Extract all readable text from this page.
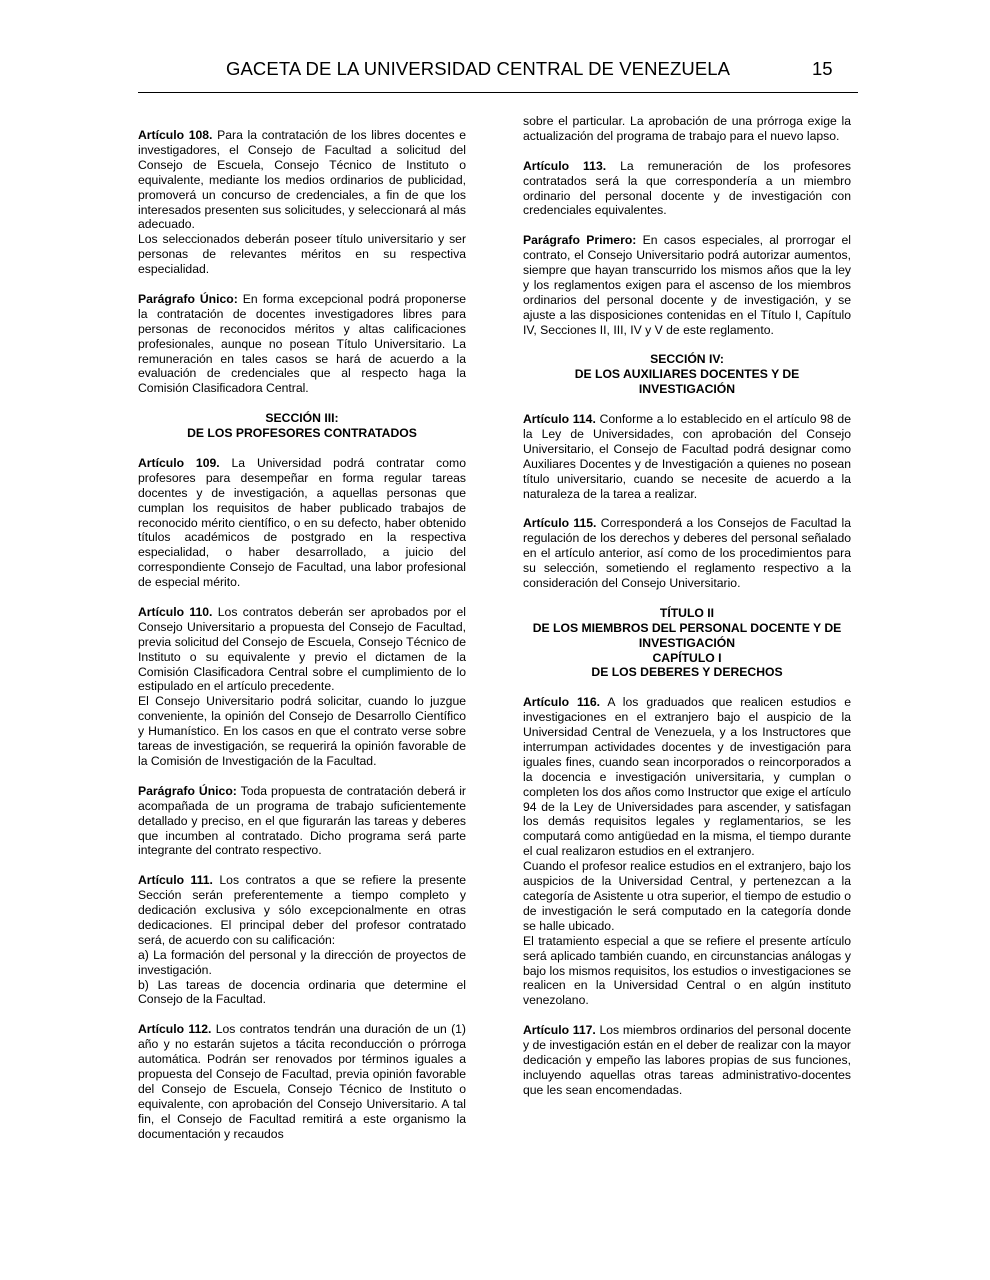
GACETA DE LA UNIVERSIDAD CENTRAL DE VENEZUELA	15

Artículo 108. Para la contratación de los libres docentes e investigadores, el Consejo de Facultad a solicitud del Consejo de Escuela, Consejo Técnico de Instituto o equivalente, mediante los medios ordinarios de publicidad, promoverá un concurso de credenciales, a fin de que los interesados presenten sus solicitudes, y seleccionará al más adecuado.

Los seleccionados deberán poseer título universitario y ser personas de relevantes méritos en su respectiva especialidad.

Parágrafo Único: En forma excepcional podrá proponerse la contratación de docentes investigadores libres para personas de reconocidos méritos y altas calificaciones profesionales, aunque no posean Título Universitario. La remuneración en tales casos se hará de acuerdo a la evaluación de credenciales que al respecto haga la Comisión Clasificadora Central.

SECCIÓN III:
DE LOS PROFESORES CONTRATADOS

Artículo 109. La Universidad podrá contratar como profesores para desempeñar en forma regular tareas docentes y de investigación, a aquellas personas que cumplan los requisitos de haber publicado trabajos de reconocido mérito científico, o en su defecto, haber obtenido títulos académicos de postgrado en la respectiva especialidad, o haber desarrollado, a juicio del correspondiente Consejo de Facultad, una labor profesional de especial mérito.

Artículo 110. Los contratos deberán ser aprobados por el Consejo Universitario a propuesta del Consejo de Facultad, previa solicitud del Consejo de Escuela, Consejo Técnico de Instituto o su equivalente y previo el dictamen de la Comisión Clasificadora Central sobre el cumplimiento de lo estipulado en el artículo precedente.

El Consejo Universitario podrá solicitar, cuando lo juzgue conveniente, la opinión del Consejo de Desarrollo Científico y Humanístico. En los casos en que el contrato verse sobre tareas de investigación, se requerirá la opinión favorable de la Comisión de Investigación de la Facultad.

Parágrafo Único: Toda propuesta de contratación deberá ir acompañada de un programa de trabajo suficientemente detallado y preciso, en el que figurarán las tareas y deberes que incumben al contratado. Dicho programa será parte integrante del contrato respectivo.

Artículo 111. Los contratos a que se refiere la presente Sección serán preferentemente a tiempo completo y dedicación exclusiva y sólo excepcionalmente en otras dedicaciones. El principal deber del profesor contratado será, de acuerdo con su calificación:

a) La formación del personal y la dirección de proyectos de investigación.

b) Las tareas de docencia ordinaria que determine el Consejo de la Facultad.

Artículo 112. Los contratos tendrán una duración de un (1) año y no estarán sujetos a tácita reconducción o prórroga automática. Podrán ser renovados por términos iguales a propuesta del Consejo de Facultad, previa opinión favorable del Consejo de Escuela, Consejo Técnico de Instituto o equivalente, con aprobación del Consejo Universitario. A tal fin, el Consejo de Facultad remitirá a este organismo la documentación y recaudos

sobre el particular. La aprobación de una prórroga exige la actualización del programa de trabajo para el nuevo lapso.

Artículo 113. La remuneración de los profesores contratados será la que correspondería a un miembro ordinario del personal docente y de investigación con credenciales equivalentes.

Parágrafo Primero: En casos especiales, al prorrogar el contrato, el Consejo Universitario podrá autorizar aumentos, siempre que hayan transcurrido los mismos años que la ley y los reglamentos exigen para el ascenso de los miembros ordinarios del personal docente y de investigación, y se ajuste a las disposiciones contenidas en el Título I, Capítulo IV, Secciones II, III, IV y V de este reglamento.

SECCIÓN IV:
DE LOS AUXILIARES DOCENTES Y DE
INVESTIGACIÓN

Artículo 114. Conforme a lo establecido en el artículo 98 de la Ley de Universidades, con aprobación del Consejo Universitario, el Consejo de Facultad podrá designar como Auxiliares Docentes y de Investigación a quienes no posean título universitario, cuando se necesite de acuerdo a la naturaleza de la tarea a realizar.

Artículo 115. Corresponderá a los Consejos de Facultad la regulación de los derechos y deberes del personal señalado en el artículo anterior, así como de los procedimientos para su selección, sometiendo el reglamento respectivo a la consideración del Consejo Universitario.

TÍTULO II
DE LOS MIEMBROS DEL PERSONAL DOCENTE Y DE
INVESTIGACIÓN
CAPÍTULO I
DE LOS DEBERES Y DERECHOS

Artículo 116. A los graduados que realicen estudios e investigaciones en el extranjero bajo el auspicio de la Universidad Central de Venezuela, y a los Instructores que interrumpan actividades docentes y de investigación para iguales fines, cuando sean incorporados o reincorporados a la docencia e investigación universitaria, y cumplan o completen los dos años como Instructor que exige el artículo 94 de la Ley de Universidades para ascender, y satisfagan los demás requisitos legales y reglamentarios, se les computará como antigüedad en la misma, el tiempo durante el cual realizaron estudios en el extranjero.

Cuando el profesor realice estudios en el extranjero, bajo los auspicios de la Universidad Central, y pertenezcan a la categoría de Asistente u otra superior, el tiempo de estudio o de investigación le será computado en la categoría donde se halle ubicado.

El tratamiento especial a que se refiere el presente artículo será aplicado también cuando, en circunstancias análogas y bajo los mismos requisitos, los estudios o investigaciones se realicen en la Universidad Central o en algún instituto venezolano.

Artículo 117. Los miembros ordinarios del personal docente y de investigación están en el deber de realizar con la mayor dedicación y empeño las labores propias de sus funciones, incluyendo aquellas otras tareas administrativo-docentes que les sean encomendadas.
